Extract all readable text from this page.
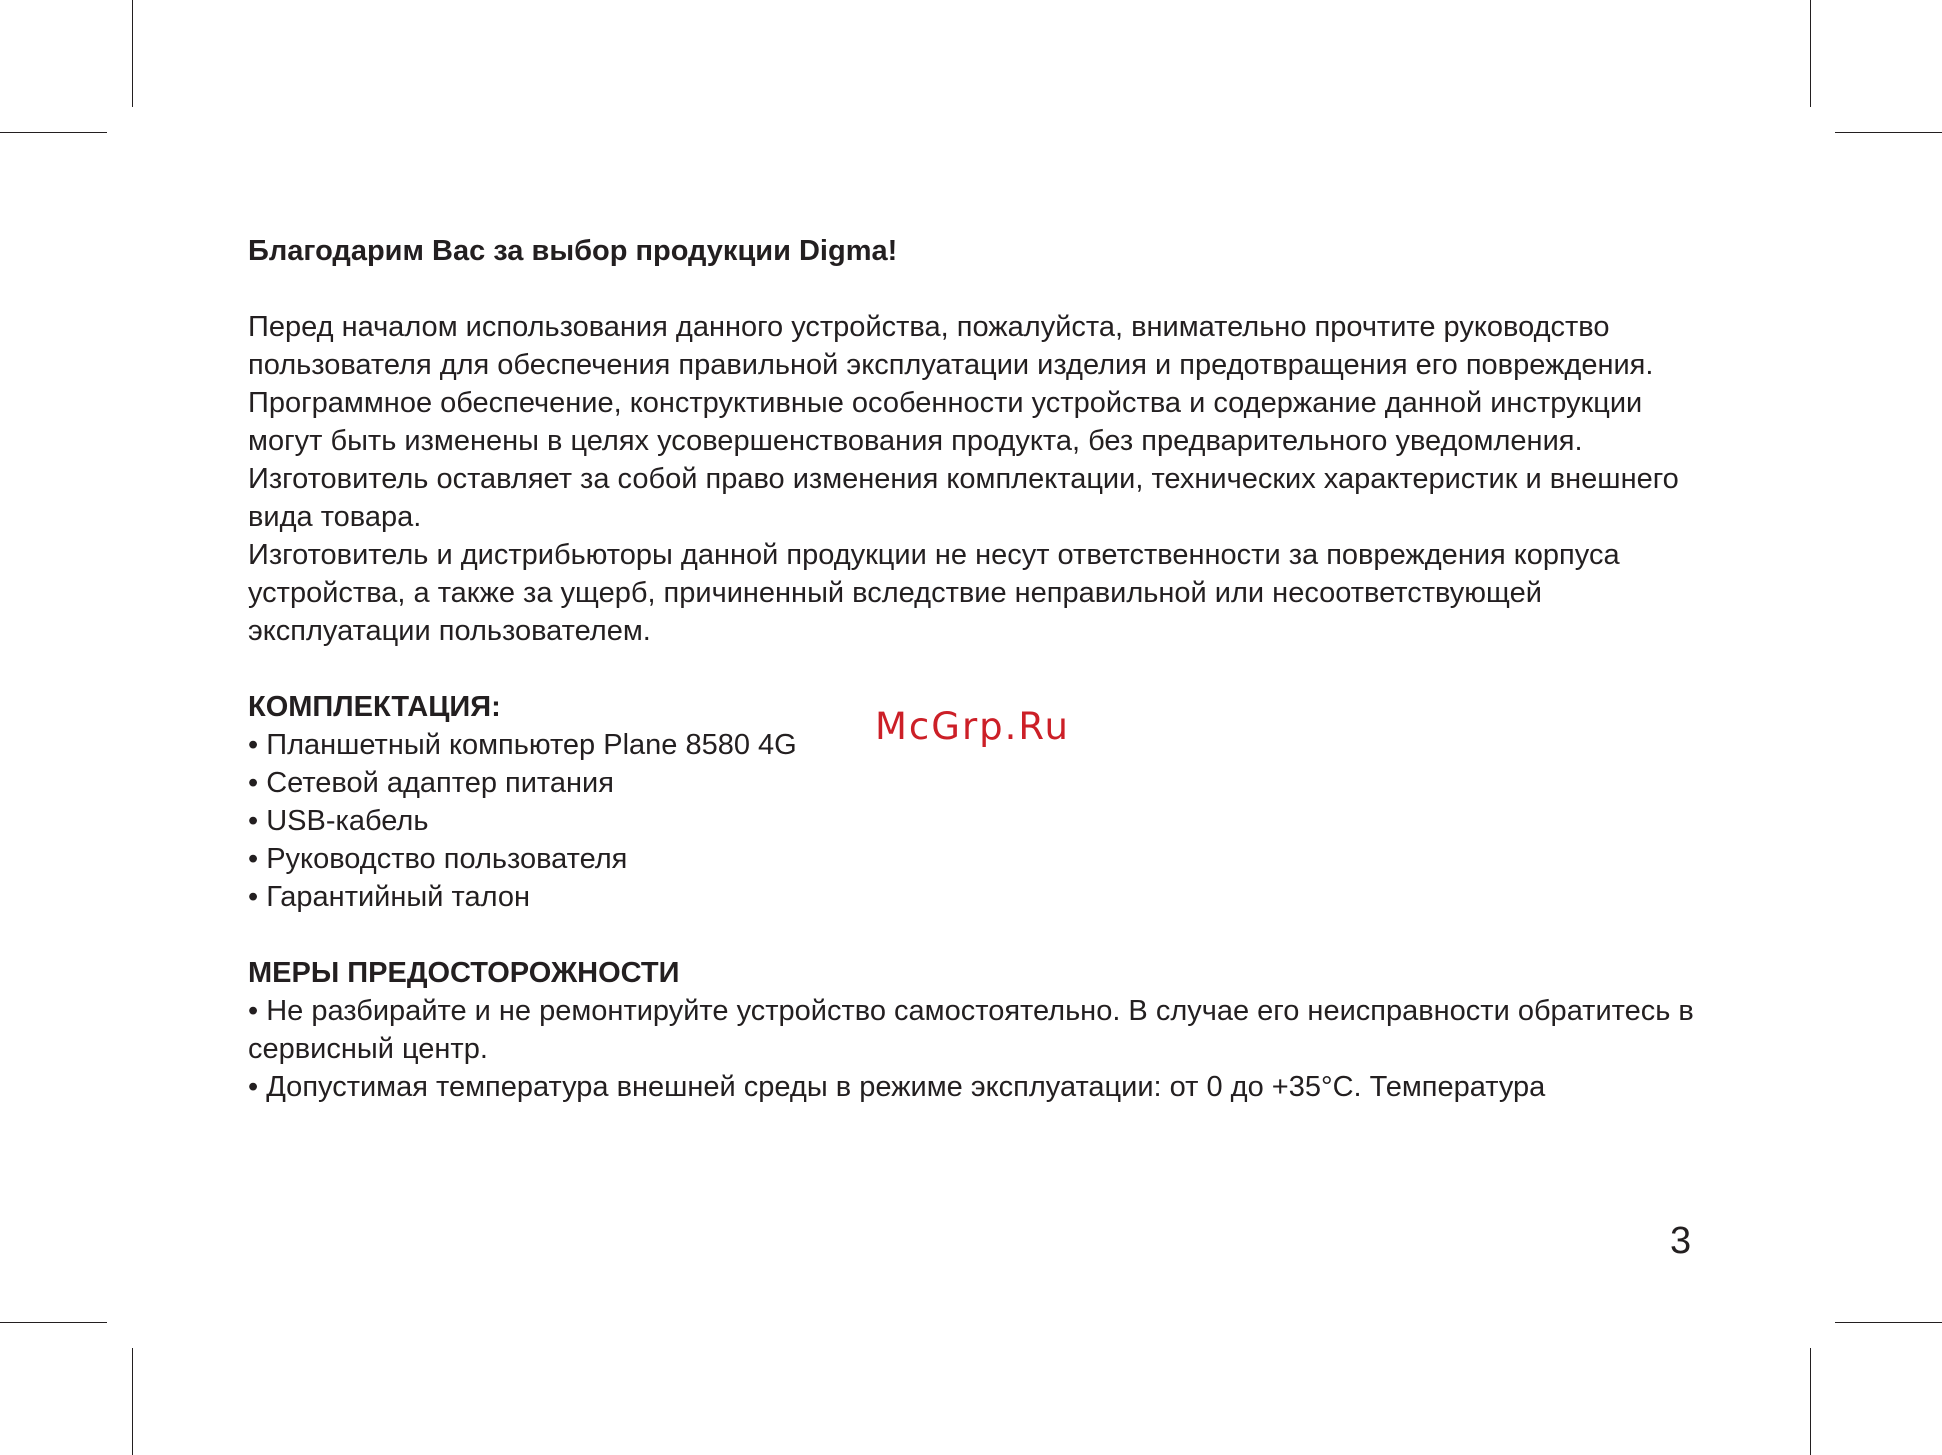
Благодарим Вас за выбор продукции Digma!

Перед началом использования данного устройства, пожалуйста, внимательно прочтите руководство пользователя для обеспечения правильной эксплуатации изделия и предотвращения его повреждения.

Программное обеспечение, конструктивные особенности устройства и содержание данной инструкции могут быть изменены в целях усовершенствования продукта, без предварительного уведомления.

Изготовитель оставляет за собой право изменения комплектации, технических характеристик и внешнего вида товара.

Изготовитель и дистрибьюторы данной продукции не несут ответственности за повреждения корпуса устройства, а также за ущерб, причиненный вследствие неправильной или несоответствующей эксплуатации пользователем.

КОМПЛЕКТАЦИЯ:

• Планшетный компьютер Plane 8580 4G
• Сетевой адаптер питания
• USB-кабель
• Руководство пользователя
• Гарантийный талон

МЕРЫ ПРЕДОСТОРОЖНОСТИ

• Не разбирайте и не ремонтируйте устройство самостоятельно. В случае его неисправности обратитесь в сервисный центр.
• Допустимая температура внешней среды в режиме эксплуатации: от 0 до +35°С. Температура
McGrp.Ru
3
